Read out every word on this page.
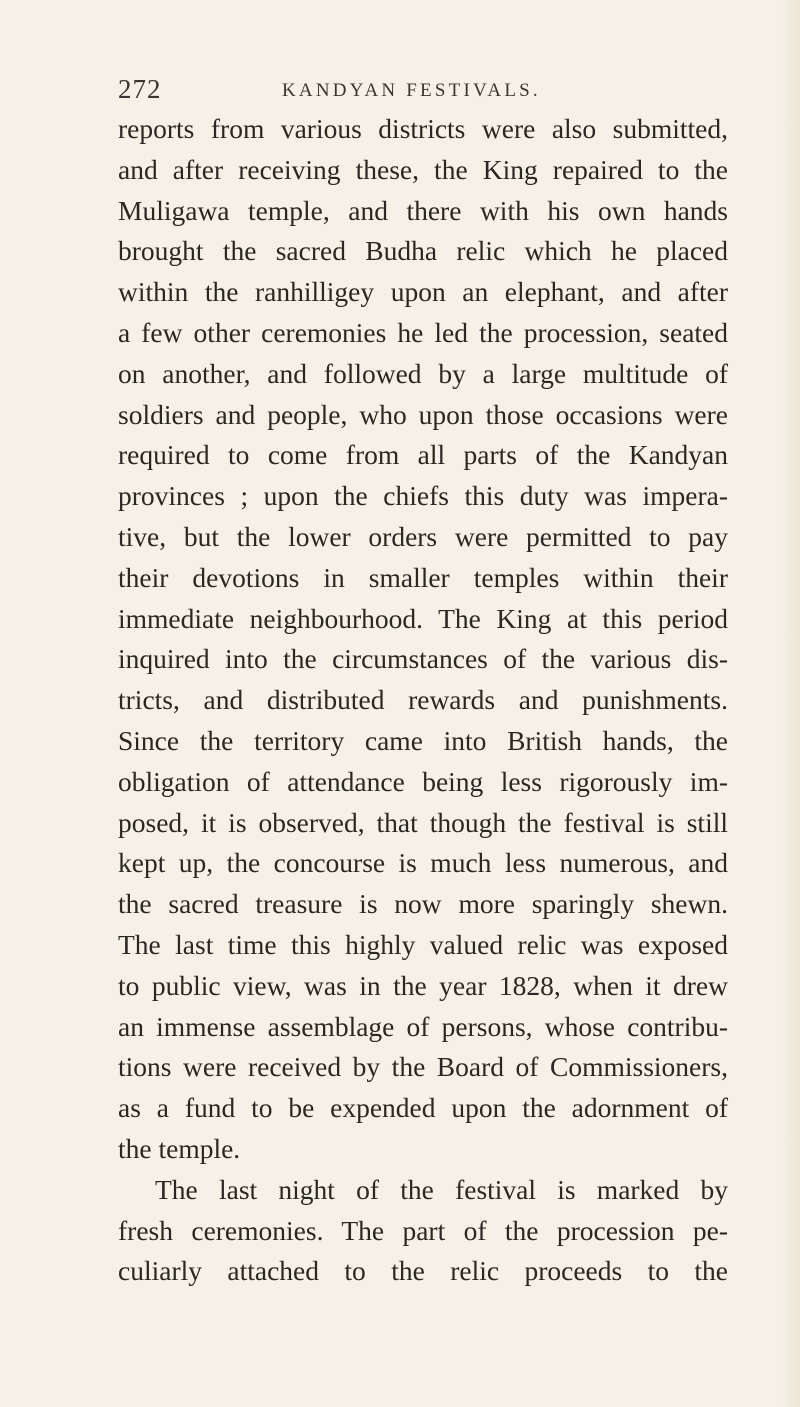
272	KANDYAN FESTIVALS.
reports from various districts were also submitted,
and after receiving these, the King repaired to the
Muligawa temple, and there with his own hands
brought the sacred Budha relic which he placed
within the ranhilligey upon an elephant, and after
a few other ceremonies he led the procession, seated
on another, and followed by a large multitude of
soldiers and people, who upon those occasions were
required to come from all parts of the Kandyan
provinces ; upon the chiefs this duty was impera-
tive, but the lower orders were permitted to pay
their devotions in smaller temples within their
immediate neighbourhood. The King at this period
inquired into the circumstances of the various dis-
tricts, and distributed rewards and punishments.
Since the territory came into British hands, the
obligation of attendance being less rigorously im-
posed, it is observed, that though the festival is still
kept up, the concourse is much less numerous, and
the sacred treasure is now more sparingly shewn.
The last time this highly valued relic was exposed
to public view, was in the year 1828, when it drew
an immense assemblage of persons, whose contribu-
tions were received by the Board of Commissioners,
as a fund to be expended upon the adornment of
the temple.
The last night of the festival is marked by
fresh ceremonies. The part of the procession pe-
culiarly attached to the relic proceeds to the
